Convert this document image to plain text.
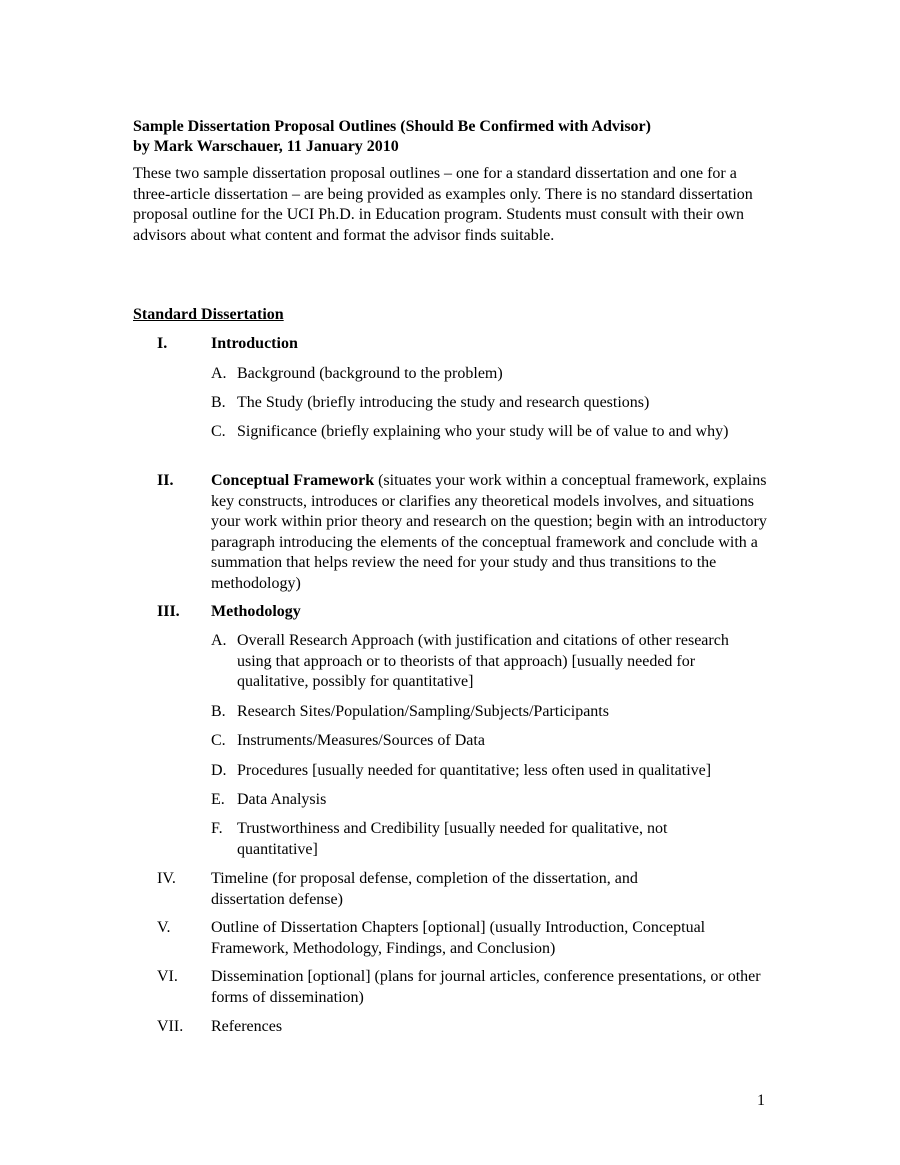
Sample Dissertation Proposal Outlines (Should Be Confirmed with Advisor)
by Mark Warschauer, 11 January 2010
These two sample dissertation proposal outlines – one for a standard dissertation and one for a three-article dissertation – are being provided as examples only. There is no standard dissertation proposal outline for the UCI Ph.D. in Education program. Students must consult with their own advisors about what content and format the advisor finds suitable.
Standard Dissertation
I.	Introduction
A. Background (background to the problem)
B. The Study (briefly introducing the study and research questions)
C. Significance (briefly explaining who your study will be of value to and why)
II. Conceptual Framework (situates your work within a conceptual framework, explains key constructs, introduces or clarifies any theoretical models involves, and situations your work within prior theory and research on the question; begin with an introductory paragraph introducing the elements of the conceptual framework and conclude with a summation that helps review the need for your study and thus transitions to the methodology)
III. Methodology
A. Overall Research Approach (with justification and citations of other research using that approach or to theorists of that approach) [usually needed for qualitative, possibly for quantitative]
B. Research Sites/Population/Sampling/Subjects/Participants
C. Instruments/Measures/Sources of Data
D. Procedures [usually needed for quantitative; less often used in qualitative]
E. Data Analysis
F. Trustworthiness and Credibility [usually needed for qualitative, not quantitative]
IV. Timeline (for proposal defense, completion of the dissertation, and dissertation defense)
V.	Outline of Dissertation Chapters [optional] (usually Introduction, Conceptual Framework, Methodology, Findings, and Conclusion)
VI. Dissemination [optional] (plans for journal articles, conference presentations, or other forms of dissemination)
VII. References
1
